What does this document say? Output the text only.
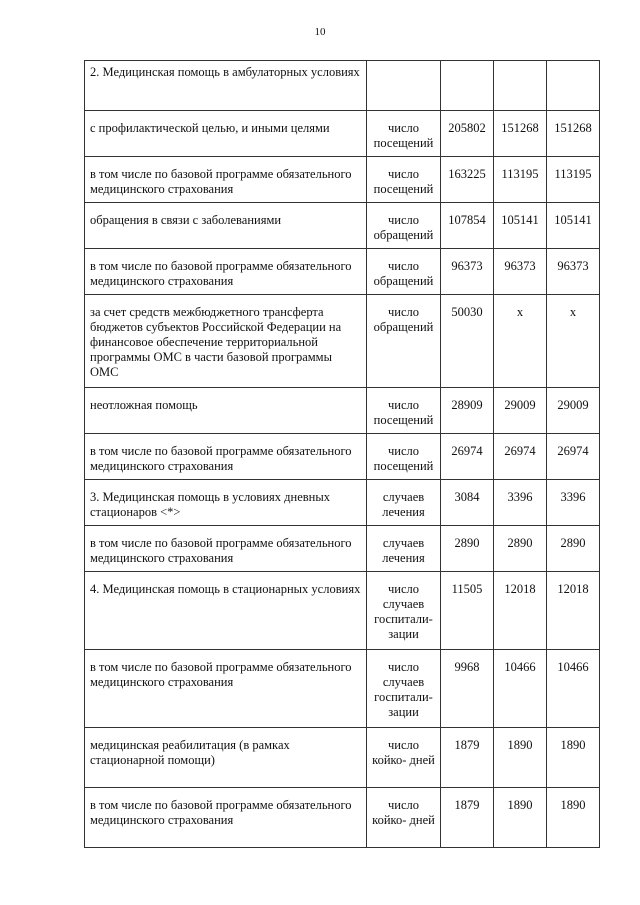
10
2. Медицинская помощь в амбулаторных условиях				
с профилактической целью, и иными целями	число посещений	205802	151268	151268
в том числе по базовой программе обязательного медицинского страхования	число посещений	163225	113195	113195
обращения в связи с заболеваниями	число обращений	107854	105141	105141
в том числе по базовой программе обязательного медицинского страхования	число обращений	96373	96373	96373
за счет средств межбюджетного трансферта бюджетов субъектов Российской Федерации на финансовое обеспечение территориальной программы ОМС в части базовой программы ОМС	число обращений	50030	х	х
неотложная помощь	число посещений	28909	29009	29009
в том числе по базовой программе обязательного медицинского страхования	число посещений	26974	26974	26974
3. Медицинская помощь в условиях дневных стационаров <*>	случаев лечения	3084	3396	3396
в том числе по базовой программе обязательного медицинского страхования	случаев лечения	2890	2890	2890
4. Медицинская помощь в стационарных условиях	число случаев госпитали- зации	11505	12018	12018
в том числе по базовой программе обязательного медицинского страхования	число случаев госпитали- зации	9968	10466	10466
медицинская реабилитация (в рамках стационарной помощи)	число койко- дней	1879	1890	1890
в том числе по базовой программе обязательного медицинского страхования	число койко- дней	1879	1890	1890
